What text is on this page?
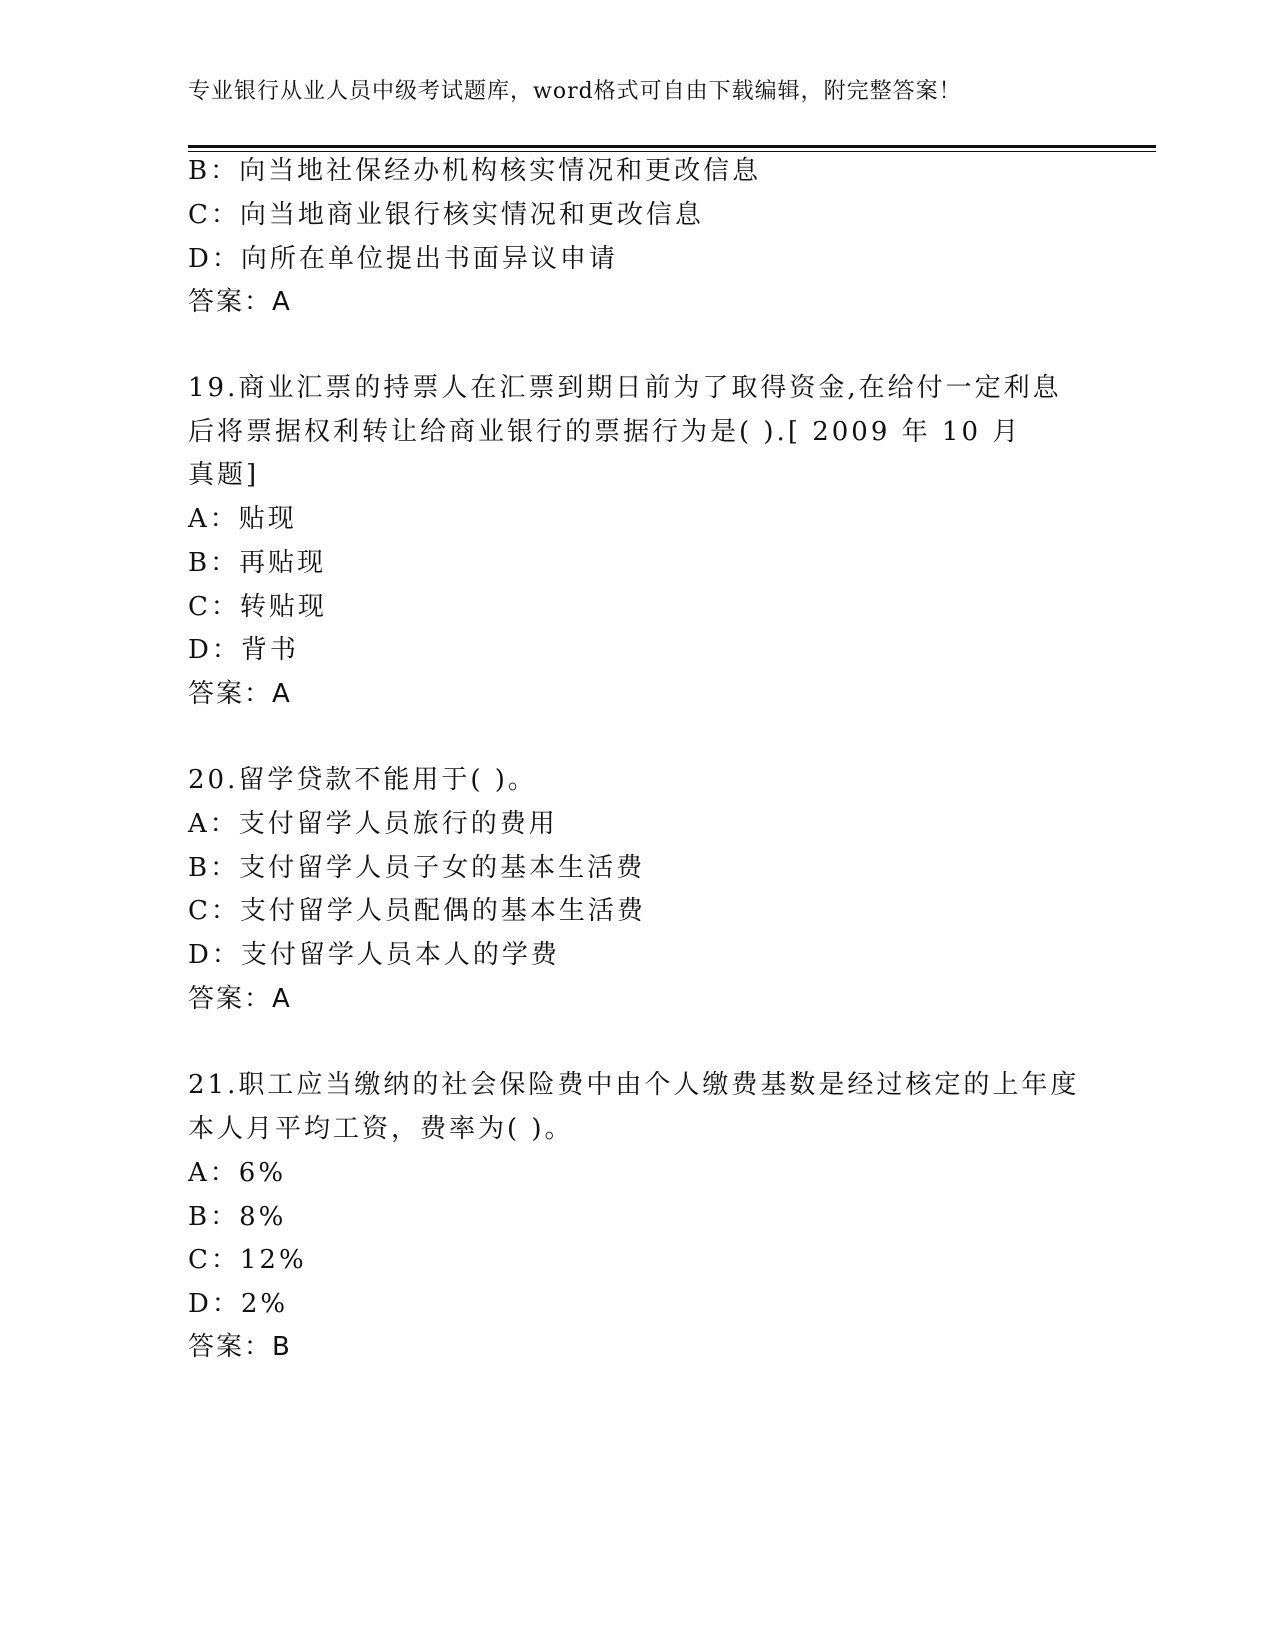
专业银行从业人员中级考试题库，word格式可自由下载编辑，附完整答案！
B：向当地社保经办机构核实情况和更改信息
C：向当地商业银行核实情况和更改信息
D：向所在单位提出书面异议申请
答案：A
19.商业汇票的持票人在汇票到期日前为了取得资金,在给付一定利息
后将票据权利转让给商业银行的票据行为是( ).[ 2009 年 10 月
真题]
A：贴现
B：再贴现
C：转贴现
D：背书
答案：A
20.留学贷款不能用于( )。
A：支付留学人员旅行的费用
B：支付留学人员子女的基本生活费
C：支付留学人员配偶的基本生活费
D：支付留学人员本人的学费
答案：A
21.职工应当缴纳的社会保险费中由个人缴费基数是经过核定的上年度
本人月平均工资，费率为( )。
A：6%
B：8%
C：12%
D：2%
答案：B
